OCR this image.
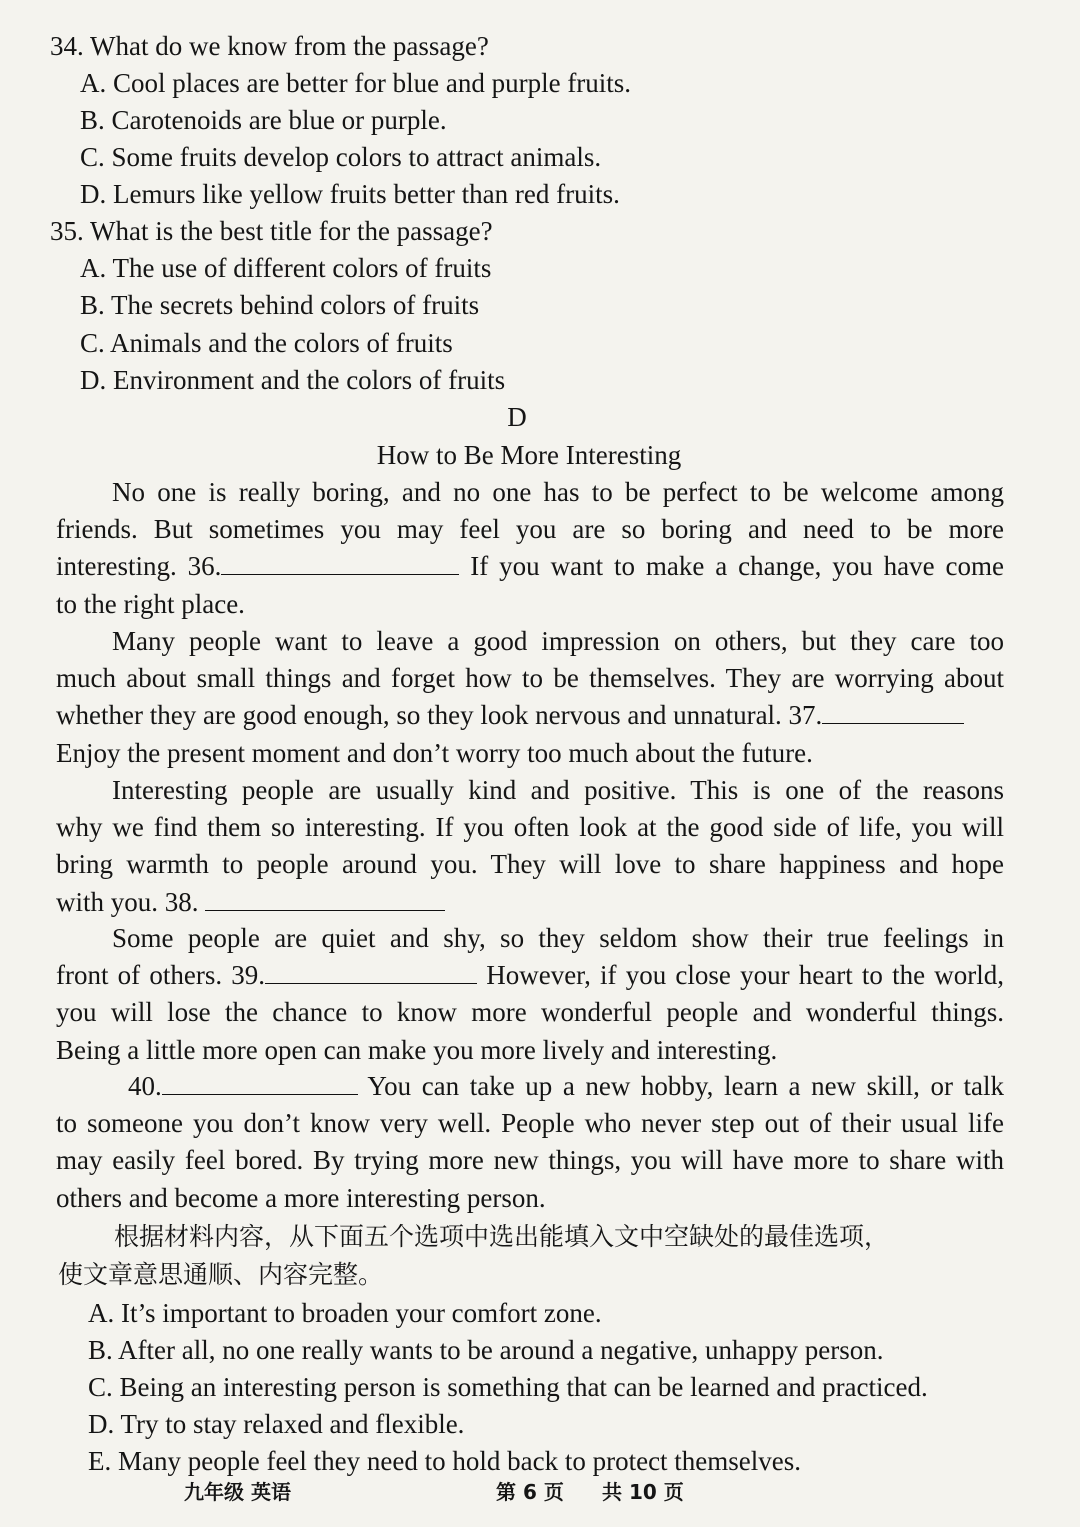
34. What do we know from the passage?
A. Cool places are better for blue and purple fruits.
B. Carotenoids are blue or purple.
C. Some fruits develop colors to attract animals.
D. Lemurs like yellow fruits better than red fruits.
35. What is the best title for the passage?
A. The use of different colors of fruits
B. The secrets behind colors of fruits
C. Animals and the colors of fruits
D. Environment and the colors of fruits
D
How to Be More Interesting
No one is really boring, and no one has to be perfect to be welcome among
friends. But sometimes you may feel you are so boring and need to be more
interesting. 36.	If you want to make a change, you have come
to the right place.
Many people want to leave a good impression on others, but they care too
much about small things and forget how to be themselves. They are worrying about
whether they are good enough, so they look nervous and unnatural. 37.
Enjoy the present moment and don’t worry too much about the future.
Interesting people are usually kind and positive. This is one of the reasons
why we find them so interesting. If you often look at the good side of life, you will
bring warmth to people around you. They will love to share happiness and hope
with you. 38.
Some people are quiet and shy, so they seldom show their true feelings in
front of others. 39.	However, if you close your heart to the world,
you will lose the chance to know more wonderful people and wonderful things.
Being a little more open can make you more lively and interesting.
40.	You can take up a new hobby, learn a new skill, or talk
to someone you don’t know very well. People who never step out of their usual life
may easily feel bored. By trying more new things, you will have more to share with
others and become a more interesting person.
根据材料内容，从下面五个选项中选出能填入文中空缺处的最佳选项，
使文章意思通顺、内容完整。
A. It’s important to broaden your comfort zone.
B. After all, no one really wants to be around a negative, unhappy person.
C. Being an interesting person is something that can be learned and practiced.
D. Try to stay relaxed and flexible.
E. Many people feel they need to hold back to protect themselves.
九年级 英语	第 6 页 共 10 页
